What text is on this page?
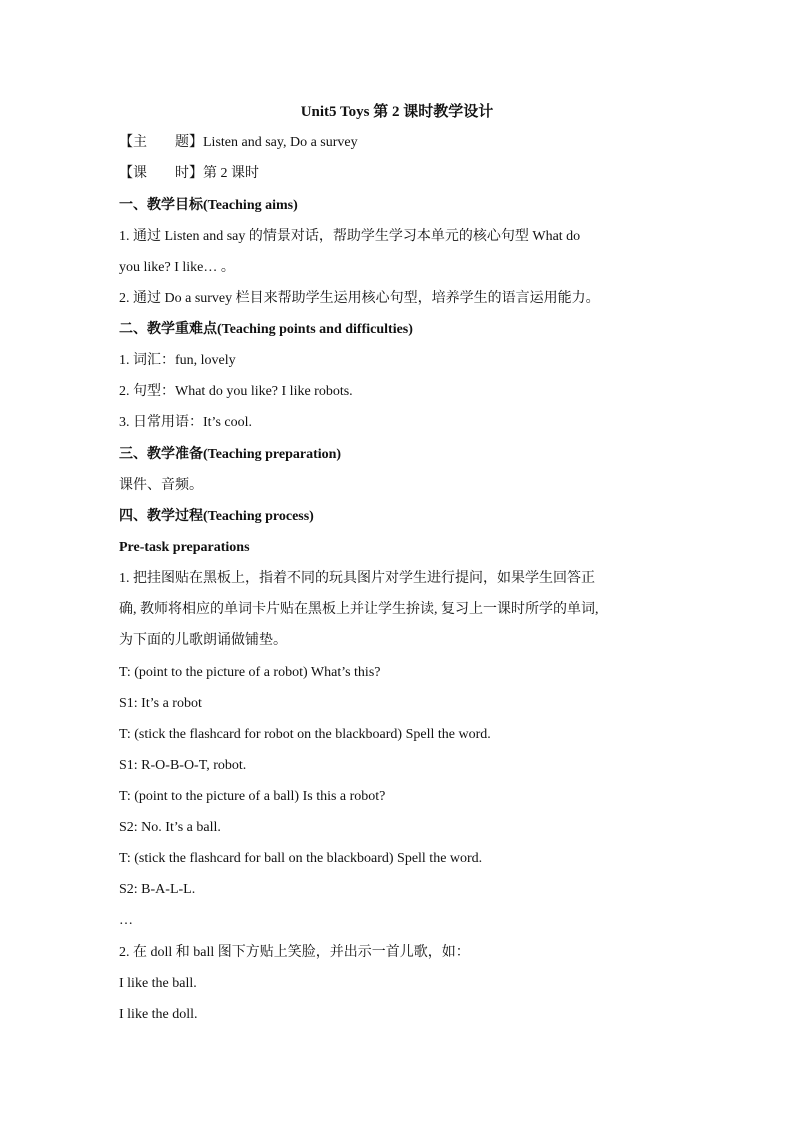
Unit5 Toys 第 2 课时教学设计
【主　　题】Listen and say, Do a survey
【课　　时】第 2 课时
一、教学目标(Teaching aims)
1. 通过 Listen and say 的情景对话，帮助学生学习本单元的核心句型 What do
you like? I like… 。
2. 通过 Do a survey 栏目来帮助学生运用核心句型，培养学生的语言运用能力。
二、教学重难点(Teaching points and difficulties)
1. 词汇：fun, lovely
2. 句型：What do you like? I like robots.
3. 日常用语：It’s cool.
三、教学准备(Teaching preparation)
课件、音频。
四、教学过程(Teaching process)
Pre-task preparations
1. 把挂图贴在黑板上，指着不同的玩具图片对学生进行提问，如果学生回答正
确, 教师将相应的单词卡片贴在黑板上并让学生拚读, 复习上一课时所学的单词,
为下面的儿歌朗诵做铺垫。
T: (point to the picture of a robot) What’s this?
S1: It’s a robot
T: (stick the flashcard for robot on the blackboard) Spell the word.
S1: R-O-B-O-T, robot.
T: (point to the picture of a ball) Is this a robot?
S2: No. It’s a ball.
T: (stick the flashcard for ball on the blackboard) Spell the word.
S2: B-A-L-L.
…
2. 在 doll 和 ball 图下方贴上笑脸，并出示一首儿歌，如：
I like the ball.
I like the doll.
